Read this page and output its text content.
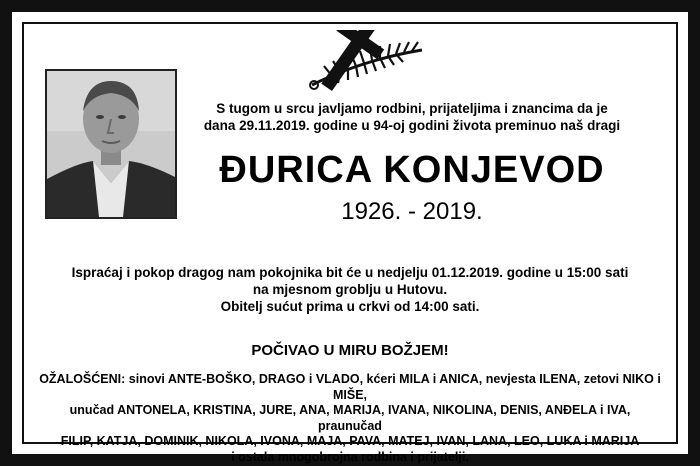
S tugom u srcu javljamo rodbini, prijateljima i znancima da je
dana 29.11.2019. godine u 94-oj godini života preminuo naš dragi
ĐURICA KONJEVOD
1926. - 2019.
Ispraćaj i pokop dragog nam pokojnika bit će u nedjelju 01.12.2019. godine u 15:00 sati
na mjesnom groblju u Hutovu.
Obitelj sućut prima u crkvi od 14:00 sati.
POČIVAO U MIRU BOŽJEM!
OŽALOŠĆENI: sinovi ANTE-BOŠKO, DRAGO i VLADO, kćeri MILA i ANICA, nevjesta ILENA, zetovi NIKO i MIŠE,
unučad ANTONELA, KRISTINA, JURE, ANA, MARIJA, IVANA, NIKOLINA, DENIS, ANĐELA i IVA, praunučad
FILIP, KATJA, DOMINIK, NIKOLA, IVONA, MAJA, PAVA, MATEJ, IVAN, LANA, LEO, LUKA i MARIJA
i ostala mnogobrojna rodbina i prijatelji.
